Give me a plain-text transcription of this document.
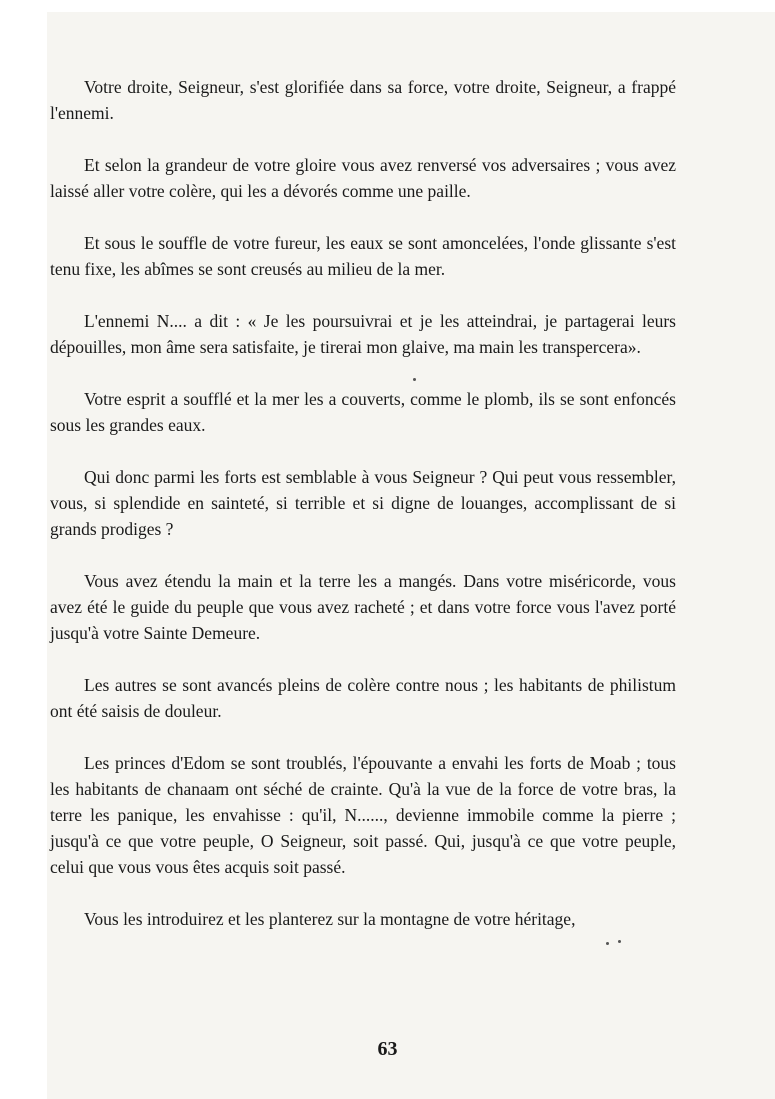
Votre droite, Seigneur, s'est glorifiée dans sa force, votre droite, Seigneur, a frappé l'ennemi.

Et selon la grandeur de votre gloire vous avez renversé vos adversaires ; vous avez laissé aller votre colère, qui les a dévorés comme une paille.

Et sous le souffle de votre fureur, les eaux se sont amoncelées, l'onde glissante s'est tenu fixe, les abîmes se sont creusés au milieu de la mer.

L'ennemi N.... a dit : « Je les poursuivrai et je les atteindrai, je partagerai leurs dépouilles, mon âme sera satisfaite, je tirerai mon glaive, ma main les transpercera».

Votre esprit a soufflé et la mer les a couverts, comme le plomb, ils se sont enfoncés sous les grandes eaux.

Qui donc parmi les forts est semblable à vous Seigneur ? Qui peut vous ressembler, vous, si splendide en sainteté, si terrible et si digne de louanges, accomplissant de si grands prodiges ?

Vous avez étendu la main et la terre les a mangés. Dans votre miséricorde, vous avez été le guide du peuple que vous avez racheté ; et dans votre force vous l'avez porté jusqu'à votre Sainte Demeure.

Les autres se sont avancés pleins de colère contre nous ; les habitants de philistum ont été saisis de douleur.

Les princes d'Edom se sont troublés, l'épouvante a envahi les forts de Moab ; tous les habitants de chanaam ont séché de crainte. Qu'à la vue de la force de votre bras, la terre les panique, les envahisse : qu'il, N......, devienne immobile comme la pierre ; jusqu'à ce que votre peuple, O Seigneur, soit passé. Qui, jusqu'à ce que votre peuple, celui que vous vous êtes acquis soit passé.

Vous les introduirez et les planterez sur la montagne de votre héritage,

63
